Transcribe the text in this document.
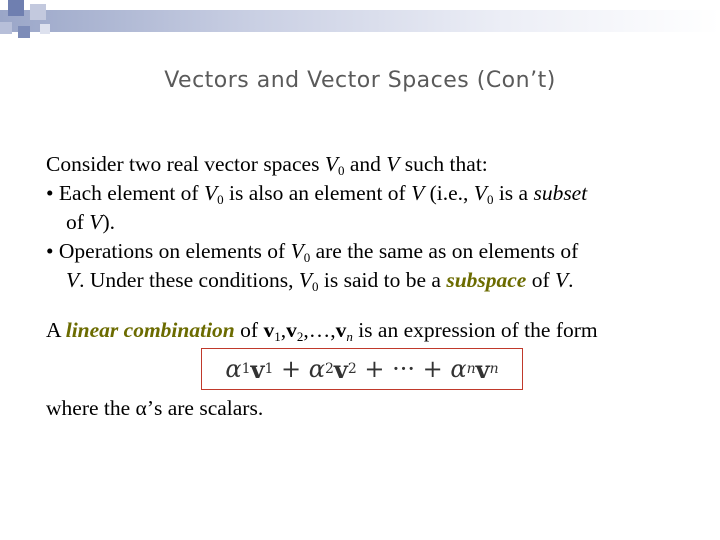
Vectors and Vector Spaces (Con’t)
Consider two real vector spaces $V_0$ and V such that:
• Each element of $V_0$ is also an element of V (i.e., $V_0$ is a subset
of V).
• Operations on elements of $V_0$ are the same as on elements of
V. Under these conditions, $V_0$ is said to be a subspace of V.
A linear combination of $v_1,v_2,\dots,v_n$ is an expression of the form
α 1 v 1 + α 2 v 2 + ··· + α n v n
where the α’s are scalars.
